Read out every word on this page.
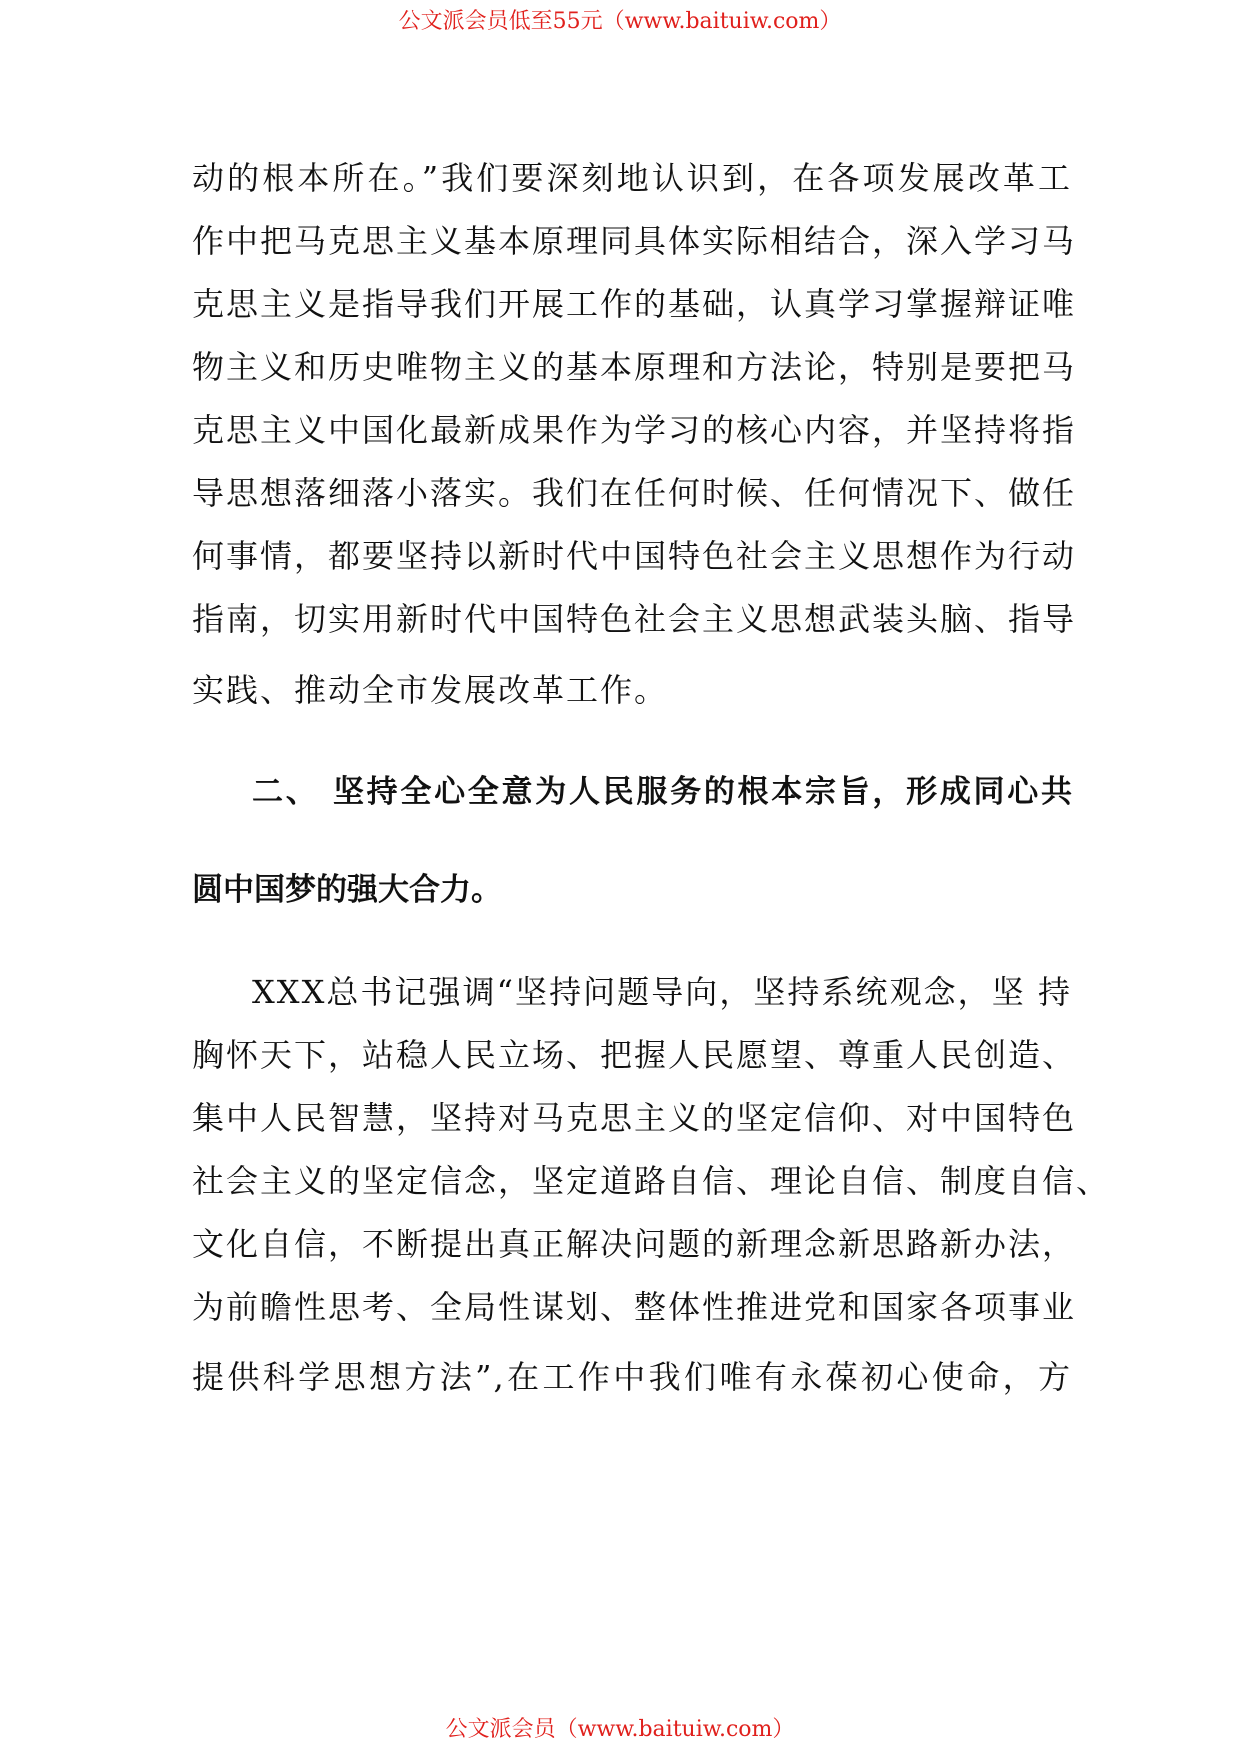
公文派会员低至55元（www.baituiw.com）
动的根本所在。”我们要深刻地认识到，在各项发展改革工
作中把马克思主义基本原理同具体实际相结合，深入学习马
克思主义是指导我们开展工作的基础，认真学习掌握辩证唯
物主义和历史唯物主义的基本原理和方法论，特别是要把马
克思主义中国化最新成果作为学习的核心内容，并坚持将指
导思想落细落小落实。我们在任何时候、任何情况下、做任
何事情，都要坚持以新时代中国特色社会主义思想作为行动
指南，切实用新时代中国特色社会主义思想武装头脑、指导
实践、推动全市发展改革工作。
二、 坚持全心全意为人民服务的根本宗旨，形成同心共
圆中国梦的强大合力。
XXX总书记强调“坚持问题导向，坚持系统观念，坚 持
胸怀天下，站稳人民立场、把握人民愿望、尊重人民创造、
集中人民智慧，坚持对马克思主义的坚定信仰、对中国特色
社会主义的坚定信念，坚定道路自信、理论自信、制度自信、
文化自信，不断提出真正解决问题的新理念新思路新办法，
为前瞻性思考、全局性谋划、整体性推进党和国家各项事业
提供科学思想方法”,在工作中我们唯有永葆初心使命，方
公文派会员（www.baituiw.com）
